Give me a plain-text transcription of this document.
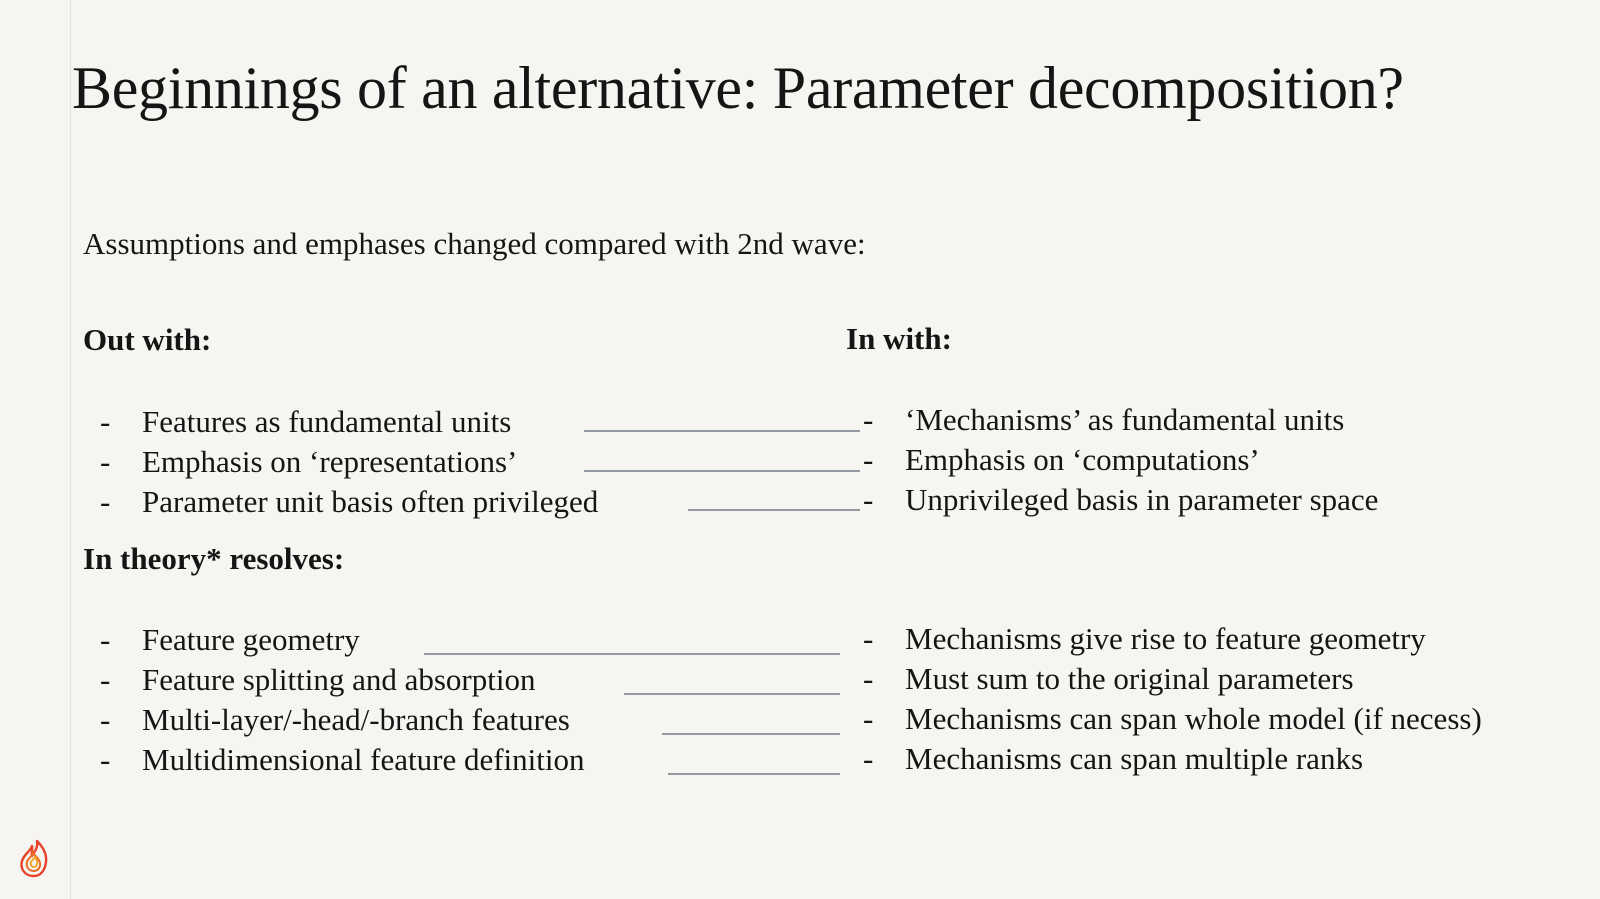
Beginnings of an alternative: Parameter decomposition?
Assumptions and emphases changed compared with 2nd wave:
Out with:	In with:
In theory* resolves:
- Features as fundamental units
- Emphasis on ‘representations’
- Parameter unit basis often privileged
- ‘Mechanisms’ as fundamental units
- Emphasis on ‘computations’
- Unprivileged basis in parameter space
- Feature geometry
- Feature splitting and absorption
- Multi-layer/-head/-branch features
- Multidimensional feature definition
- Mechanisms give rise to feature geometry
- Must sum to the original parameters
- Mechanisms can span whole model (if necess)
- Mechanisms can span multiple ranks
